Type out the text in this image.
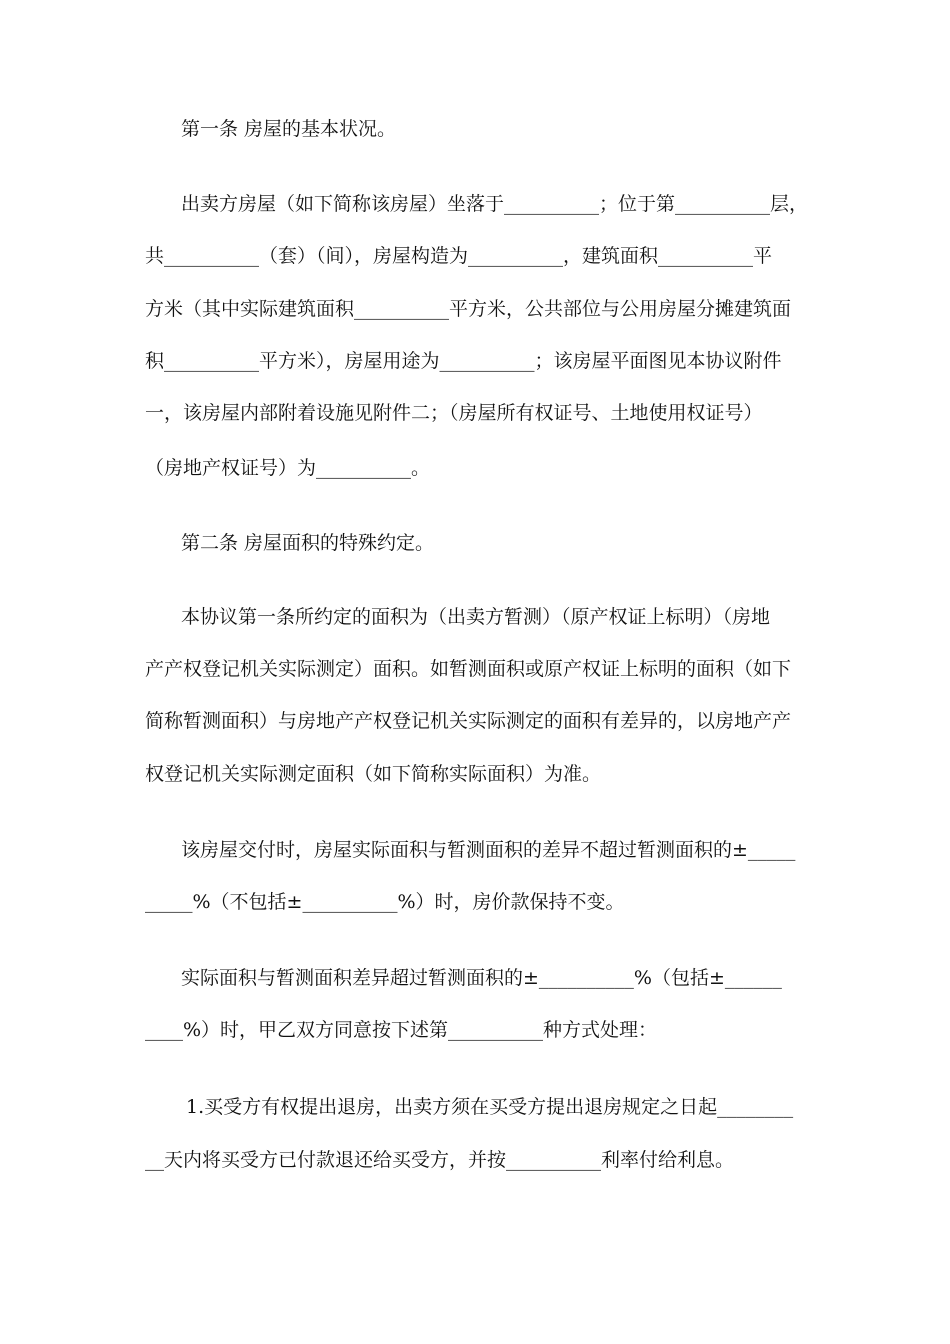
第一条 房屋的基本状况。
出卖方房屋（如下简称该房屋）坐落于__________；位于第__________层，
共__________（套）（间），房屋构造为__________，建筑面积__________平
方米（其中实际建筑面积__________平方米，公共部位与公用房屋分摊建筑面
积__________平方米），房屋用途为__________；该房屋平面图见本协议附件
一，该房屋内部附着设施见附件二；（房屋所有权证号、土地使用权证号）
（房地产权证号）为__________。
第二条 房屋面积的特殊约定。
本协议第一条所约定的面积为（出卖方暂测）（原产权证上标明）（房地
产产权登记机关实际测定）面积。如暂测面积或原产权证上标明的面积（如下
简称暂测面积）与房地产产权登记机关实际测定的面积有差异的，以房地产产
权登记机关实际测定面积（如下简称实际面积）为准。
该房屋交付时，房屋实际面积与暂测面积的差异不超过暂测面积的±_____
_____%（不包括±__________%）时，房价款保持不变。
实际面积与暂测面积差异超过暂测面积的±__________%（包括±______
____%）时，甲乙双方同意按下述第__________种方式处理：
1.买受方有权提出退房，出卖方须在买受方提出退房规定之日起________
__天内将买受方已付款退还给买受方，并按__________利率付给利息。
